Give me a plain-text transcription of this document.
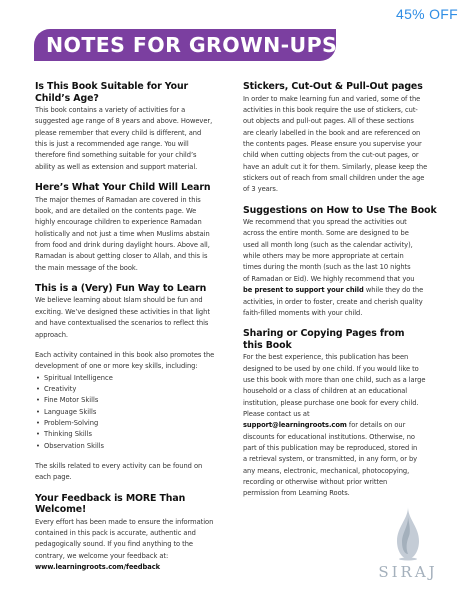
45% OFF
NOTES FOR GROWN-UPS
Is This Book Suitable for Your
Child’s Age?

This book contains a variety of activities for a
suggested age range of 8 years and above. However,
please remember that every child is different, and
this is just a recommended age range. You will
therefore find something suitable for your child’s
ability as well as extension and support material.

Here’s What Your Child Will Learn

The major themes of Ramadan are covered in this
book, and are detailed on the contents page. We
highly encourage children to experience Ramadan
holistically and not just a time when Muslims abstain
from food and drink during daylight hours. Above all,
Ramadan is about getting closer to Allah, and this is
the main message of the book.

This is a (Very) Fun Way to Learn

We believe learning about Islam should be fun and
exciting. We’ve designed these activities in that light
and have contextualised the scenarios to reflect this
approach.

Each activity contained in this book also promotes the
development of one or more key skills, including:

• Spiritual Intelligence
• Creativity
• Fine Motor Skills
• Language Skills
• Problem-Solving
• Thinking Skills
• Observation Skills

The skills related to every activity can be found on
each page.

Your Feedback is MORE Than Welcome!

Every effort has been made to ensure the information
contained in this pack is accurate, authentic and
pedagogically sound. If you find anything to the
contrary, we welcome your feedback at:
www.learningroots.com/feedback

Stickers, Cut-Out & Pull-Out pages

In order to make learning fun and varied, some of the
activities in this book require the use of stickers, cut-
out objects and pull-out pages. All of these sections
are clearly labelled in the book and are referenced on
the contents pages. Please ensure you supervise your
child when cutting objects from the cut-out pages, or
have an adult cut it for them. Similarly, please keep the
stickers out of reach from small children under the age
of 3 years.

Suggestions on How to Use The Book

We recommend that you spread the activities out
across the entire month. Some are designed to be
used all month long (such as the calendar activity),
while others may be more appropriate at certain
times during the month (such as the last 10 nights
of Ramadan or Eid). We highly recommend that you
be present to support your child while they do the
activities, in order to foster, create and cherish quality
faith-filled moments with your child.

Sharing or Copying Pages from
this Book

For the best experience, this publication has been
designed to be used by one child. If you would like to
use this book with more than one child, such as a large
household or a class of children at an educational
institution, please purchase one book for every child.
Please contact us at
support@learningroots.com for details on our
discounts for educational institutions. Otherwise, no
part of this publication may be reproduced, stored in
a retrieval system, or transmitted, in any form, or by
any means, electronic, mechanical, photocopying,
recording or otherwise without prior written
permission from Learning Roots.

SIRAJ
